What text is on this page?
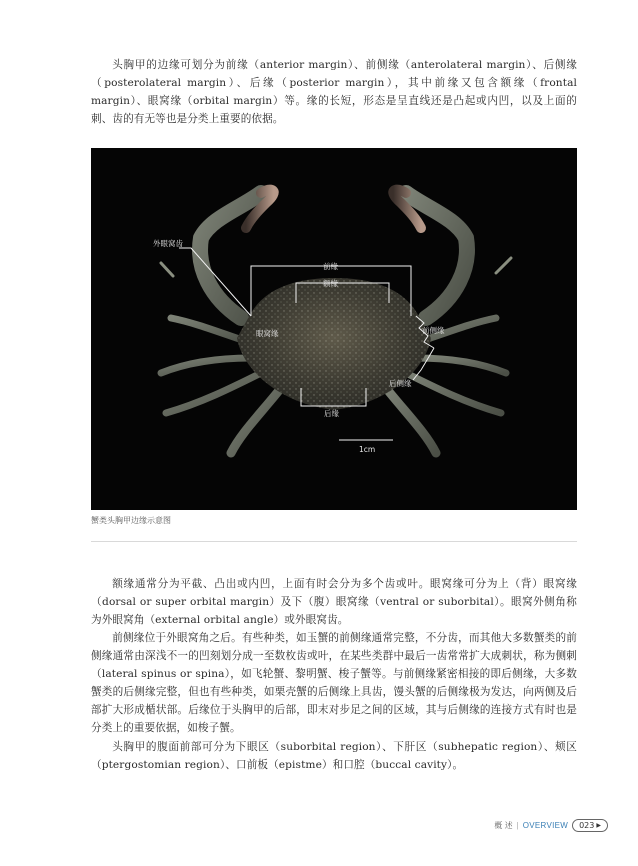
头胸甲的边缘可划分为前缘（anterior margin）、前侧缘（anterolateral margin）、后侧缘（posterolateral margin）、后缘（posterior margin），其中前缘又包含额缘（frontal margin）、眼窝缘（orbital margin）等。缘的长短，形态是呈直线还是凸起或内凹，以及上面的刺、齿的有无等也是分类上重要的依据。

外眼窝齿
前缘
额缘
眼窝缘	前侧缘
后侧缘
后缘
1cm
蟹类头胸甲边缘示意图

额缘通常分为平截、凸出或内凹，上面有时会分为多个齿或叶。眼窝缘可分为上（背）眼窝缘（dorsal or super orbital margin）及下（腹）眼窝缘（ventral or suborbital）。眼窝外侧角称为外眼窝角（external orbital angle）或外眼窝齿。

前侧缘位于外眼窝角之后。有些种类，如玉蟹的前侧缘通常完整，不分齿，而其他大多数蟹类的前侧缘通常由深浅不一的凹刻划分成一至数枚齿或叶，在某些类群中最后一齿常常扩大成刺状，称为侧刺（lateral spinus or spina），如飞轮蟹、黎明蟹、梭子蟹等。与前侧缘紧密相接的即后侧缘，大多数蟹类的后侧缘完整，但也有些种类，如栗壳蟹的后侧缘上具齿，馒头蟹的后侧缘极为发达，向两侧及后部扩大形成楯状部。后缘位于头胸甲的后部，即末对步足之间的区域，其与后侧缘的连接方式有时也是分类上的重要依据，如梭子蟹。

头胸甲的腹面前部可分为下眼区（suborbital region）、下肝区（subhepatic region）、颊区（ptergostomian region）、口前板（epistme）和口腔（buccal cavity）。

概 述 | OVERVIEW 023 ▶
